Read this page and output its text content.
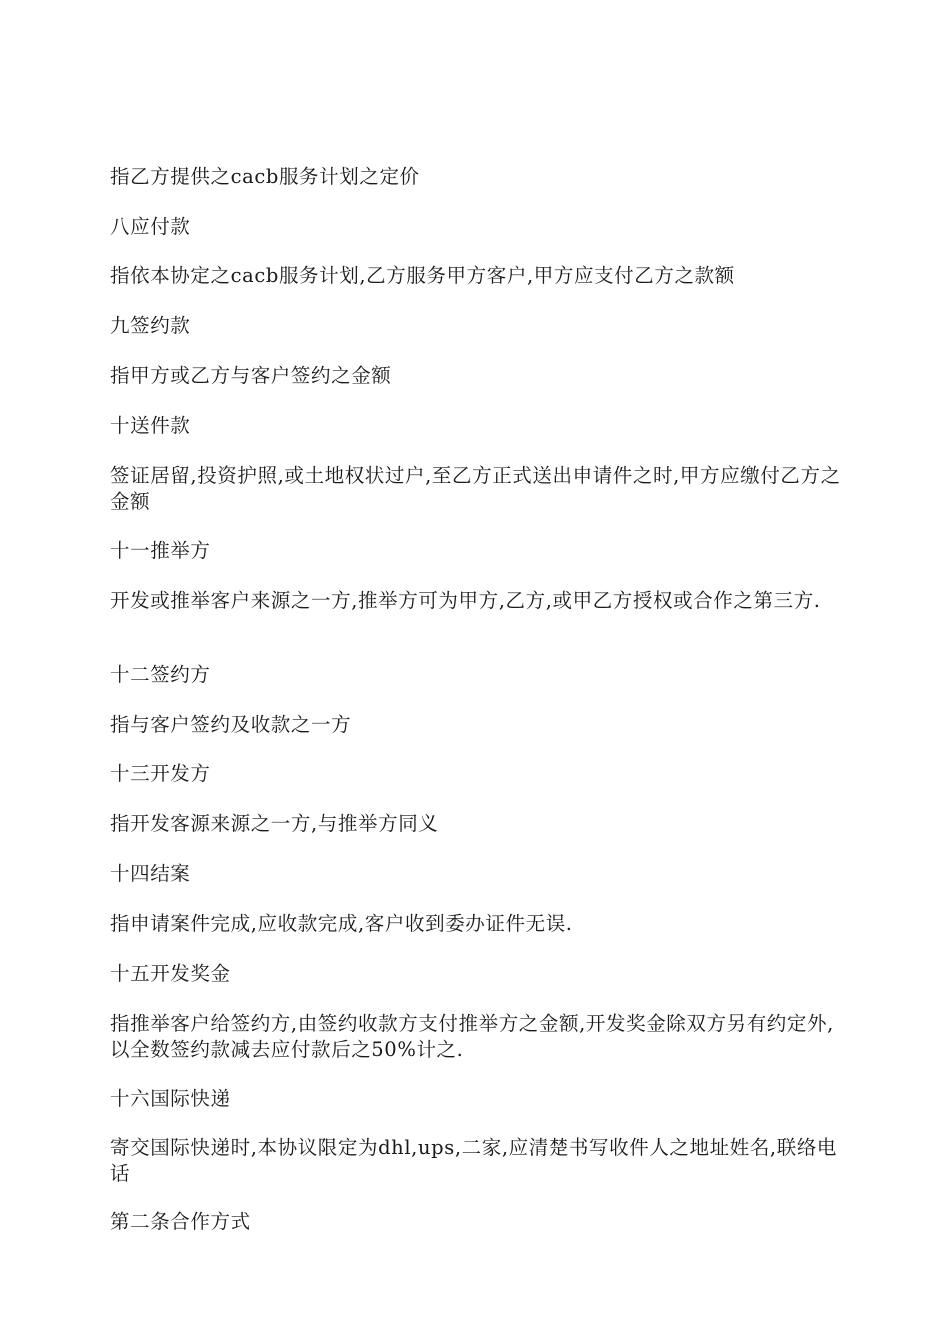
指乙方提供之cacb服务计划之定价

八应付款

指依本协定之cacb服务计划,乙方服务甲方客户,甲方应支付乙方之款额

九签约款

指甲方或乙方与客户签约之金额

十送件款

签证居留,投资护照,或土地权状过户,至乙方正式送出申请件之时,甲方应缴付乙方之金额

十一推举方

开发或推举客户来源之一方,推举方可为甲方,乙方,或甲乙方授权或合作之第三方.

十二签约方

指与客户签约及收款之一方

十三开发方

指开发客源来源之一方,与推举方同义

十四结案

指申请案件完成,应收款完成,客户收到委办证件无误.

十五开发奖金

指推举客户给签约方,由签约收款方支付推举方之金额,开发奖金除双方另有约定外,以全数签约款减去应付款后之50%计之.

十六国际快递

寄交国际快递时,本协议限定为dhl,ups,二家,应清楚书写收件人之地址姓名,联络电话

第二条合作方式
